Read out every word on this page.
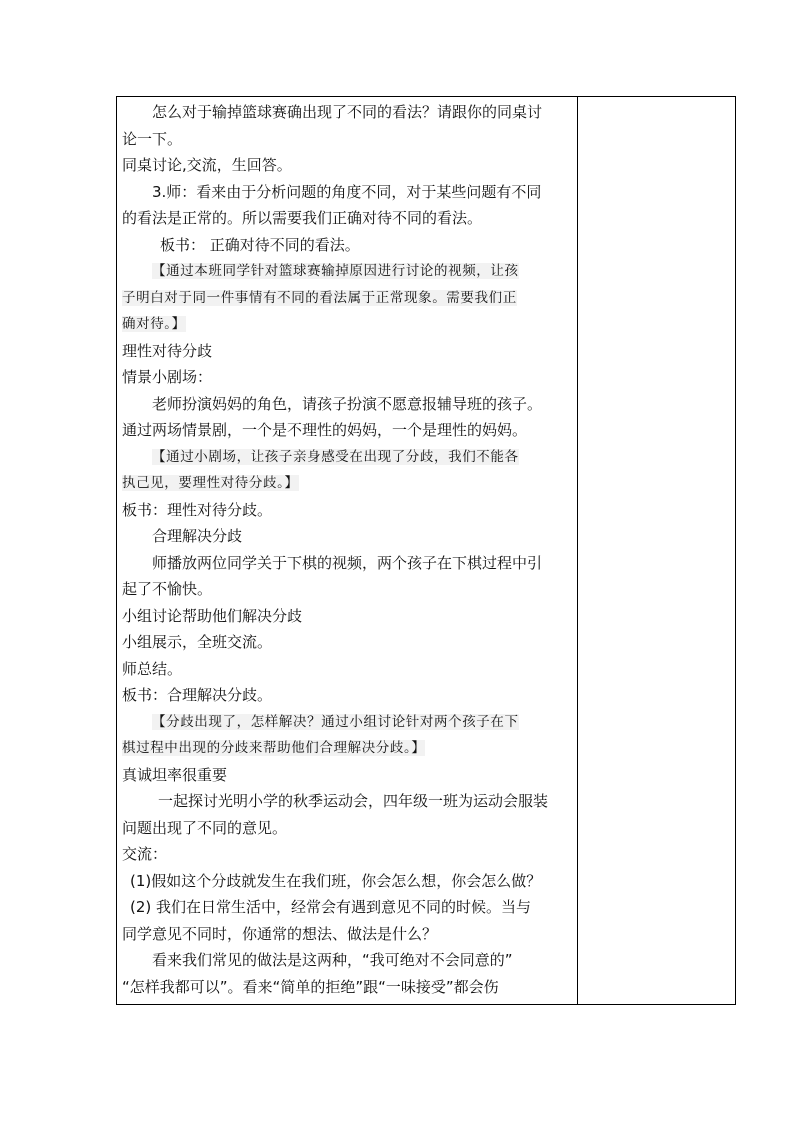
怎么对于输掉篮球赛确出现了不同的看法？请跟你的同桌讨

论一下。

同桌讨论,交流，生回答。

3.师：看来由于分析问题的角度不同，对于某些问题有不同

的看法是正常的。所以需要我们正确对待不同的看法。

板书： 正确对待不同的看法。

【通过本班同学针对篮球赛输掉原因进行讨论的视频，让孩

子明白对于同一件事情有不同的看法属于正常现象。需要我们正

确对待。】

理性对待分歧

情景小剧场：

老师扮演妈妈的角色，请孩子扮演不愿意报辅导班的孩子。

通过两场情景剧，一个是不理性的妈妈，一个是理性的妈妈。

【通过小剧场，让孩子亲身感受在出现了分歧，我们不能各

执己见，要理性对待分歧。】

板书：理性对待分歧。

合理解决分歧

师播放两位同学关于下棋的视频，两个孩子在下棋过程中引

起了不愉快。

小组讨论帮助他们解决分歧

小组展示，全班交流。

师总结。

板书：合理解决分歧。

【分歧出现了，怎样解决？通过小组讨论针对两个孩子在下

棋过程中出现的分歧来帮助他们合理解决分歧。】

真诚坦率很重要

一起探讨光明小学的秋季运动会，四年级一班为运动会服装

问题出现了不同的意见。

交流：

(1)假如这个分歧就发生在我们班，你会怎么想，你会怎么做？

(2) 我们在日常生活中，经常会有遇到意见不同的时候。当与

同学意见不同时，你通常的想法、做法是什么？

看来我们常见的做法是这两种，“我可绝对不会同意的”

“怎样我都可以”。看来“简单的拒绝”跟“一味接受”都会伤
